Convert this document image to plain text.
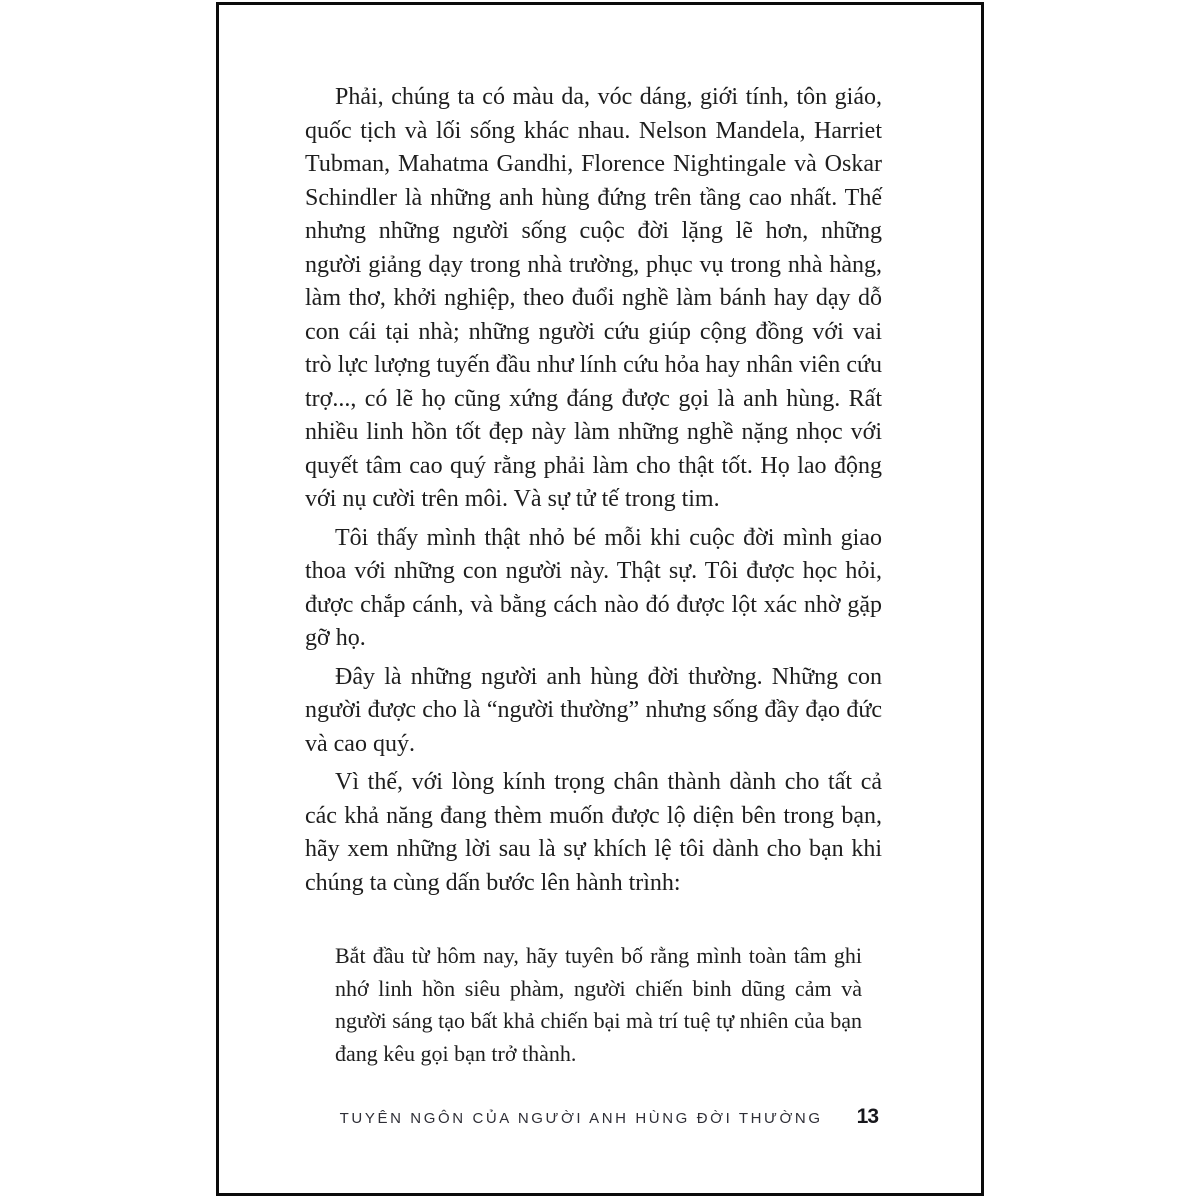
Phải, chúng ta có màu da, vóc dáng, giới tính, tôn giáo, quốc tịch và lối sống khác nhau. Nelson Mandela, Harriet Tubman, Mahatma Gandhi, Florence Nightingale và Oskar Schindler là những anh hùng đứng trên tầng cao nhất. Thế nhưng những người sống cuộc đời lặng lẽ hơn, những người giảng dạy trong nhà trường, phục vụ trong nhà hàng, làm thơ, khởi nghiệp, theo đuổi nghề làm bánh hay dạy dỗ con cái tại nhà; những người cứu giúp cộng đồng với vai trò lực lượng tuyến đầu như lính cứu hỏa hay nhân viên cứu trợ..., có lẽ họ cũng xứng đáng được gọi là anh hùng. Rất nhiều linh hồn tốt đẹp này làm những nghề nặng nhọc với quyết tâm cao quý rằng phải làm cho thật tốt. Họ lao động với nụ cười trên môi. Và sự tử tế trong tim.

Tôi thấy mình thật nhỏ bé mỗi khi cuộc đời mình giao thoa với những con người này. Thật sự. Tôi được học hỏi, được chắp cánh, và bằng cách nào đó được lột xác nhờ gặp gỡ họ.

Đây là những người anh hùng đời thường. Những con người được cho là “người thường” nhưng sống đầy đạo đức và cao quý.

Vì thế, với lòng kính trọng chân thành dành cho tất cả các khả năng đang thèm muốn được lộ diện bên trong bạn, hãy xem những lời sau là sự khích lệ tôi dành cho bạn khi chúng ta cùng dấn bước lên hành trình:

Bắt đầu từ hôm nay, hãy tuyên bố rằng mình toàn tâm ghi nhớ linh hồn siêu phàm, người chiến binh dũng cảm và người sáng tạo bất khả chiến bại mà trí tuệ tự nhiên của bạn đang kêu gọi bạn trở thành.

TUYÊN NGÔN CỦA NGƯỜI ANH HÙNG ĐỜI THƯỜNG 13
